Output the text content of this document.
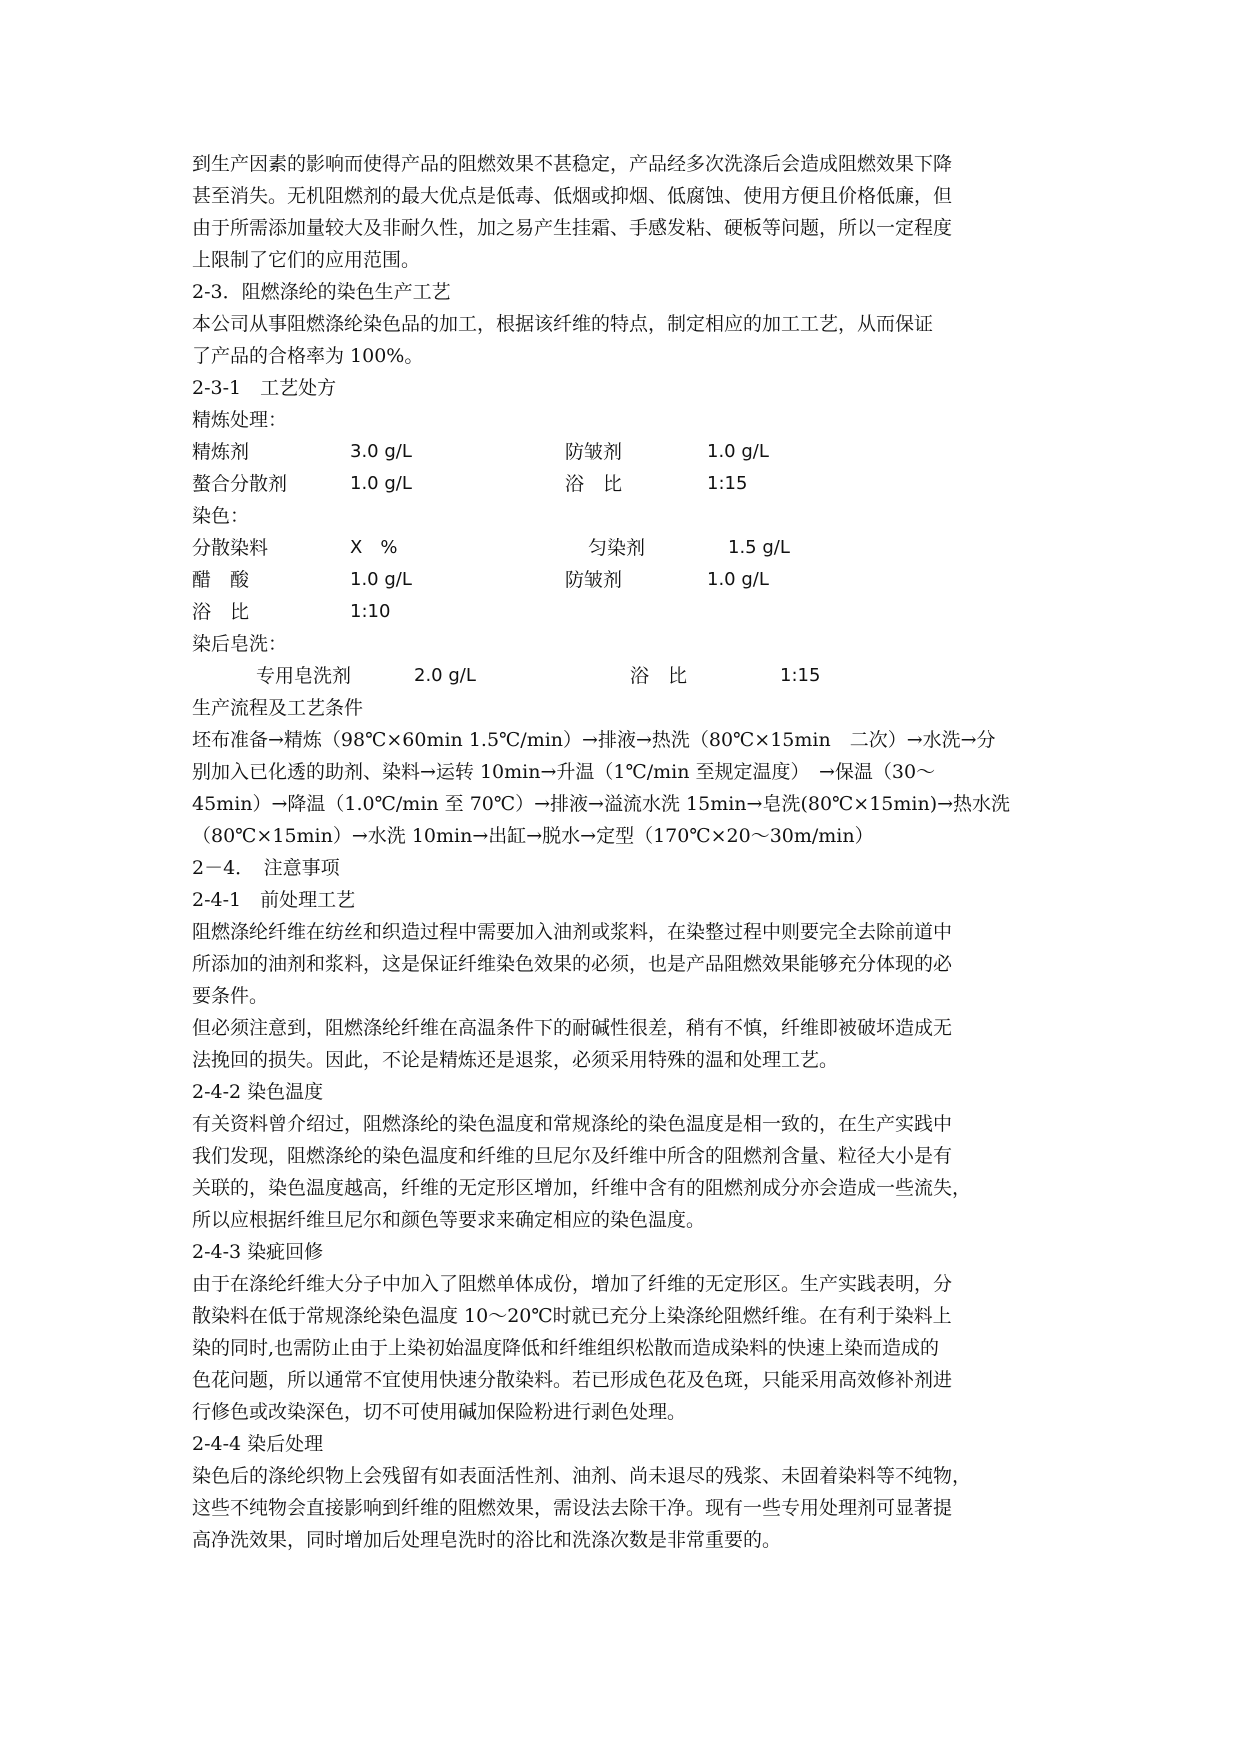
到生产因素的影响而使得产品的阻燃效果不甚稳定，产品经多次洗涤后会造成阻燃效果下降
甚至消失。无机阻燃剂的最大优点是低毒、低烟或抑烟、低腐蚀、使用方便且价格低廉，但
由于所需添加量较大及非耐久性，加之易产生挂霜、手感发粘、硬板等问题，所以一定程度
上限制了它们的应用范围。
2-3．阻燃涤纶的染色生产工艺
本公司从事阻燃涤纶染色品的加工，根据该纤维的特点，制定相应的加工工艺，从而保证
了产品的合格率为 100%。
2-3-1　工艺处方
精炼处理：
精炼剂	3.0 g/L	防皱剂	1.0 g/L
螯合分散剂	1.0 g/L	浴　比	1:15
染色：
分散染料	X　%	匀染剂	1.5 g/L
醋　酸	1.0 g/L	防皱剂	1.0 g/L
浴　比	1:10
染后皂洗：
专用皂洗剂	2.0 g/L	浴　比	1:15
生产流程及工艺条件
坯布准备→精炼（98℃×60min 1.5℃/min）→排液→热洗（80℃×15min　二次）→水洗→分
别加入已化透的助剂、染料→运转 10min→升温（1℃/min 至规定温度）　→保温（30～
45min）→降温（1.0℃/min 至 70℃）→排液→溢流水洗 15min→皂洗(80℃×15min)→热水洗
（80℃×15min）→水洗 10min→出缸→脱水→定型（170℃×20～30m/min）
2－4．　注意事项
2-4-1　前处理工艺
阻燃涤纶纤维在纺丝和织造过程中需要加入油剂或浆料，在染整过程中则要完全去除前道中
所添加的油剂和浆料，这是保证纤维染色效果的必须，也是产品阻燃效果能够充分体现的必
要条件。
但必须注意到，阻燃涤纶纤维在高温条件下的耐碱性很差，稍有不慎，纤维即被破坏造成无
法挽回的损失。因此，不论是精炼还是退浆，必须采用特殊的温和处理工艺。
2-4-2 染色温度
有关资料曾介绍过，阻燃涤纶的染色温度和常规涤纶的染色温度是相一致的，在生产实践中
我们发现，阻燃涤纶的染色温度和纤维的旦尼尔及纤维中所含的阻燃剂含量、粒径大小是有
关联的，染色温度越高，纤维的无定形区增加，纤维中含有的阻燃剂成分亦会造成一些流失，
所以应根据纤维旦尼尔和颜色等要求来确定相应的染色温度。
2-4-3 染疵回修
由于在涤纶纤维大分子中加入了阻燃单体成份，增加了纤维的无定形区。生产实践表明，分
散染料在低于常规涤纶染色温度 10～20℃时就已充分上染涤纶阻燃纤维。在有利于染料上
染的同时,也需防止由于上染初始温度降低和纤维组织松散而造成染料的快速上染而造成的
色花问题，所以通常不宜使用快速分散染料。若已形成色花及色斑，只能采用高效修补剂进
行修色或改染深色，切不可使用碱加保险粉进行剥色处理。
2-4-4 染后处理
染色后的涤纶织物上会残留有如表面活性剂、油剂、尚未退尽的残浆、未固着染料等不纯物，
这些不纯物会直接影响到纤维的阻燃效果，需设法去除干净。现有一些专用处理剂可显著提
高净洗效果，同时增加后处理皂洗时的浴比和洗涤次数是非常重要的。
